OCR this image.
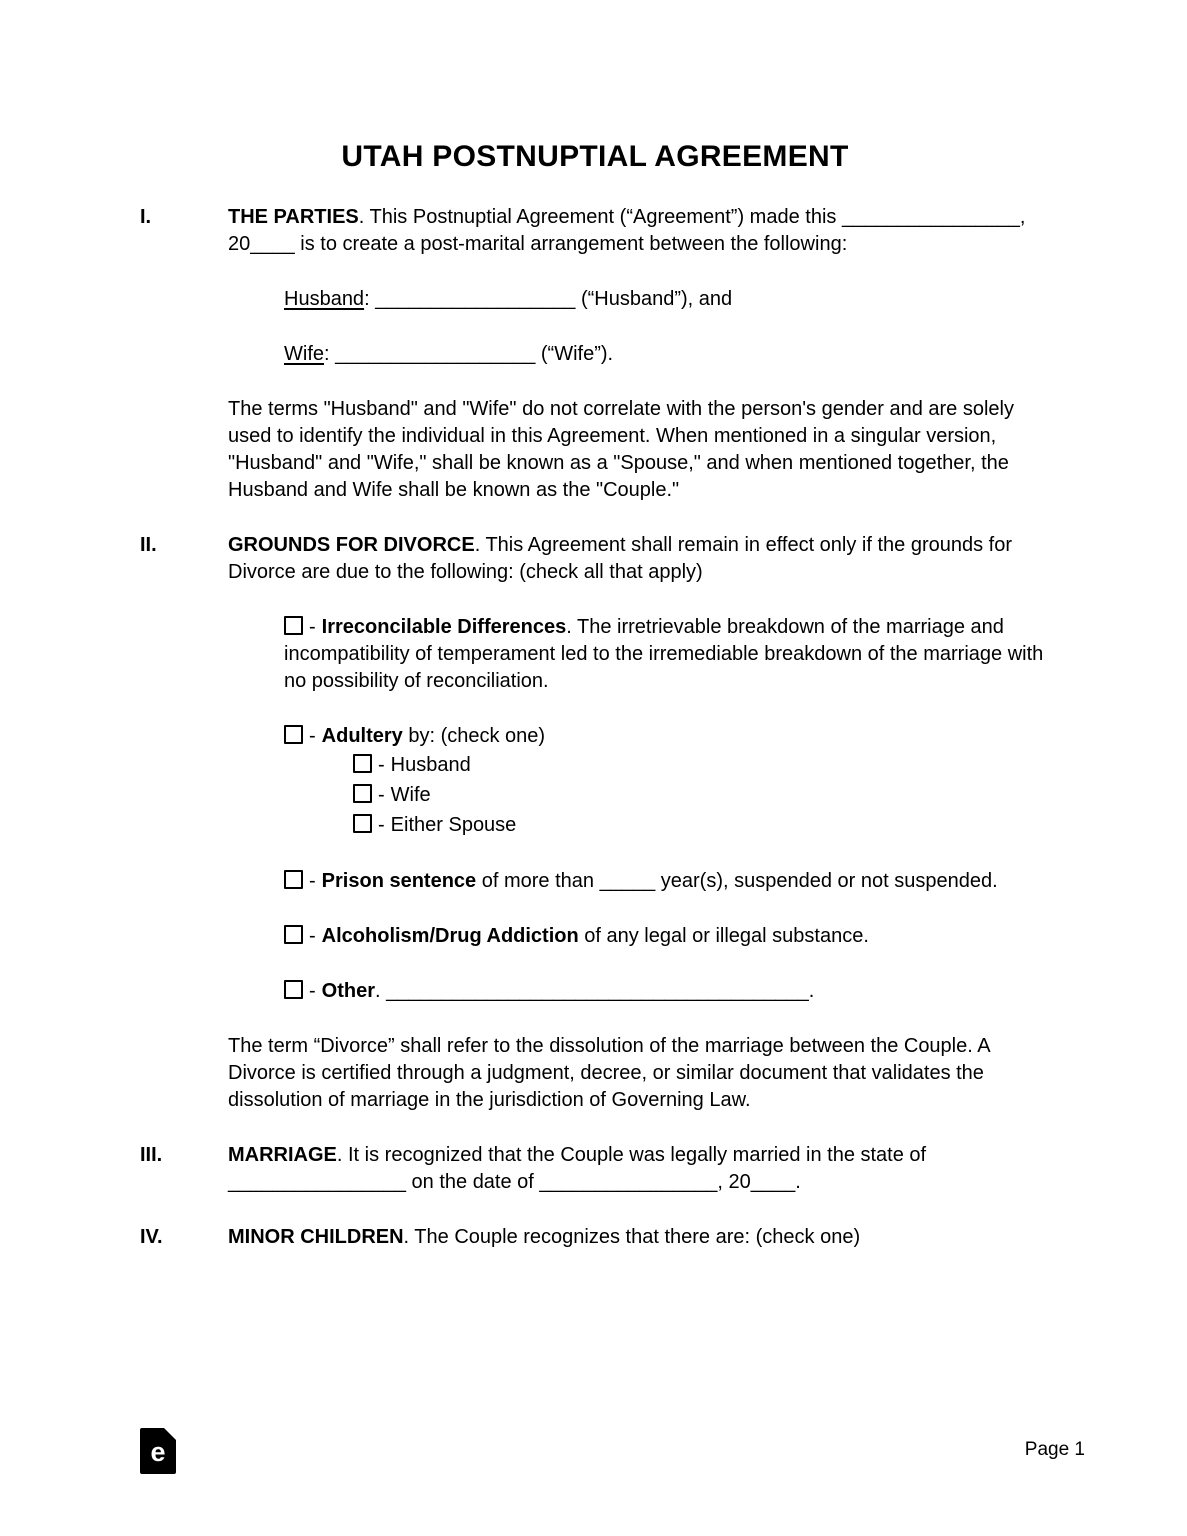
UTAH POSTNUPTIAL AGREEMENT
I.	THE PARTIES. This Postnuptial Agreement (“Agreement”) made this ________________, 20____ is to create a post-marital arrangement between the following:

Husband: __________________ (“Husband”), and

Wife: __________________ (“Wife”).

The terms "Husband" and "Wife" do not correlate with the person's gender and are solely used to identify the individual in this Agreement. When mentioned in a singular version, "Husband" and "Wife," shall be known as a "Spouse," and when mentioned together, the Husband and Wife shall be known as the "Couple."

II.	GROUNDS FOR DIVORCE. This Agreement shall remain in effect only if the grounds for Divorce are due to the following: (check all that apply)

- Irreconcilable Differences. The irretrievable breakdown of the marriage and incompatibility of temperament led to the irremediable breakdown of the marriage with no possibility of reconciliation.

- Adultery by: (check one)
- Husband
- Wife
- Either Spouse

- Prison sentence of more than _____ year(s), suspended or not suspended.

- Alcoholism/Drug Addiction of any legal or illegal substance.

- Other. ______________________________________.

The term “Divorce” shall refer to the dissolution of the marriage between the Couple. A Divorce is certified through a judgment, decree, or similar document that validates the dissolution of marriage in the jurisdiction of Governing Law.

III.	MARRIAGE. It is recognized that the Couple was legally married in the state of ________________ on the date of ________________, 20____.

IV.	MINOR CHILDREN. The Couple recognizes that there are: (check one)

e	Page 1
